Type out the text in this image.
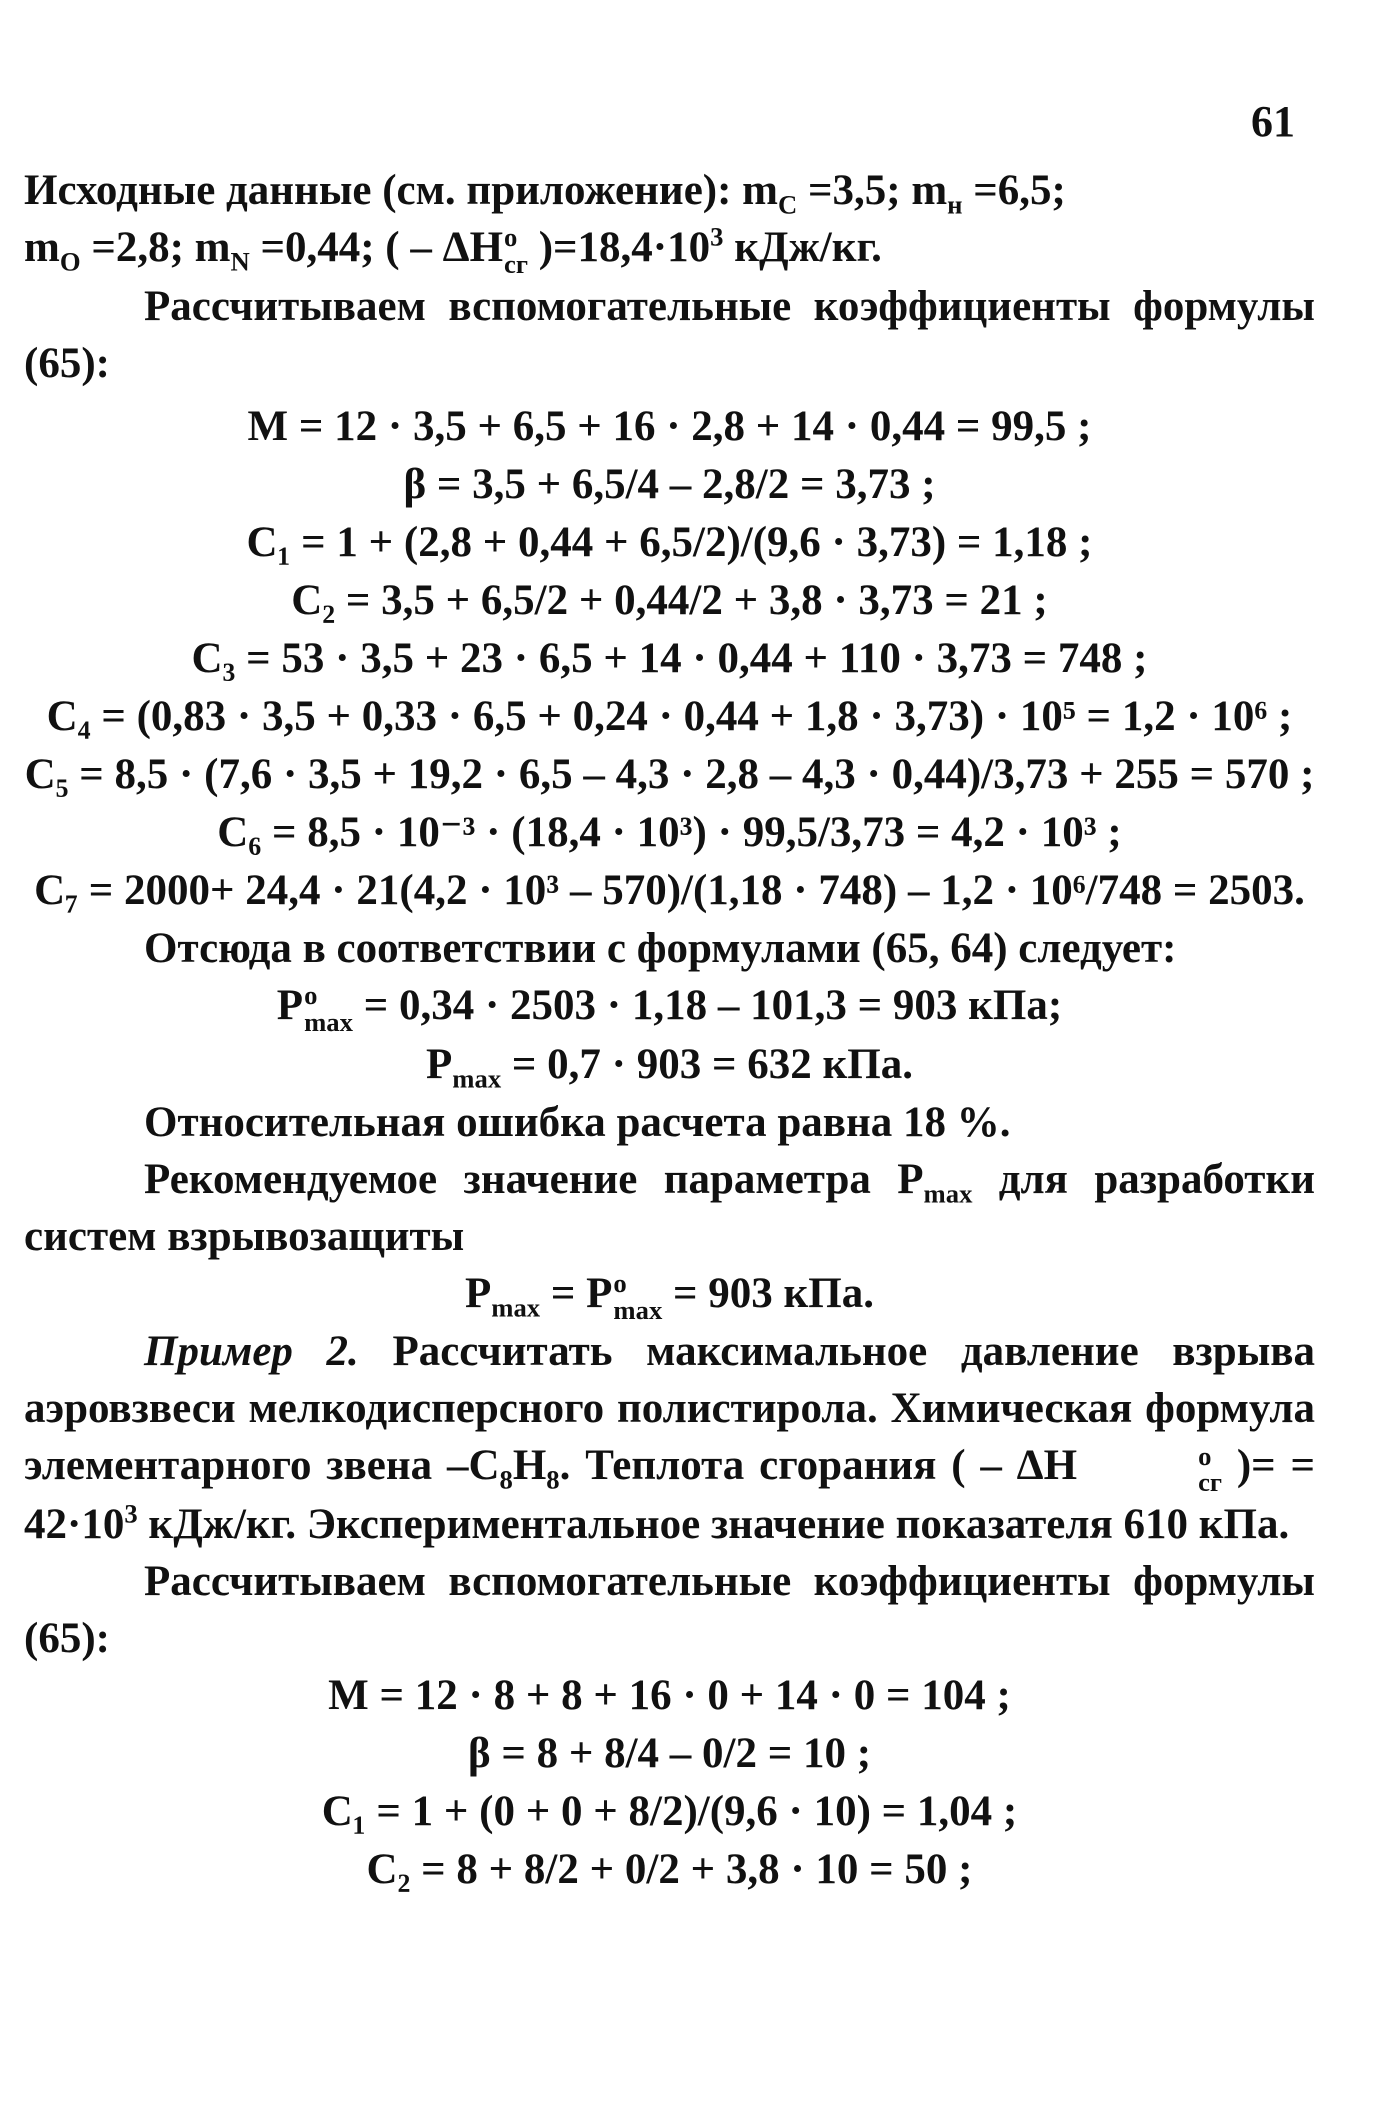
61

Исходные данные (см. приложение): $m_C =3,5$; $m_н =6,5$;
$m_O =2,8$; $m_N =0,44$; ( – ΔH o
сг )$=18,4\cdot 10^3$ кДж/кг.

Рассчитываем вспомогательные коэффициенты формулы (65):

M = 12 · 3,5 + 6,5 + 16 · 2,8 + 14 · 0,44 = 99,5 ;

β = 3,5 + 6,5/4 – 2,8/2 = 3,73 ;

C₁ = 1 + (2,8 + 0,44 + 6,5/2)/(9,6 · 3,73) = 1,18 ;

C₂ = 3,5 + 6,5/2 + 0,44/2 + 3,8 · 3,73 = 21 ;

C₃ = 53 · 3,5 + 23 · 6,5 + 14 · 0,44 + 110 · 3,73 = 748 ;

C₄ = (0,83 · 3,5 + 0,33 · 6,5 + 0,24 · 0,44 + 1,8 · 3,73) · 10⁵ = 1,2 · 10⁶ ;

C₅ = 8,5 · (7,6 · 3,5 + 19,2 · 6,5 – 4,3 · 2,8 – 4,3 · 0,44)/3,73 + 255 = 570 ;

C₆ = 8,5 · 10⁻³ · (18,4 · 10³) · 99,5/3,73 = 4,2 · 10³ ;

C₇ = 2000+ 24,4 · 21(4,2 · 10³ – 570)/(1,18 · 748) – 1,2 · 10⁶/748 = 2503.

Отсюда в соответствии с формулами (65, 64) следует:

P o
max = 0,34 · 2503 · 1,18 – 101,3 = 903 кПа;

$P_{max} = 0,7 \cdot 903 = 632$ кПа.

Относительная ошибка расчета равна 18 %.

Рекомендуемое значение параметра $P_{max}$ для разработки систем взрывозащиты

$P_{max} = P$ o
max = 903 кПа.

Пример 2. Рассчитать максимальное давление взрыва аэровзвеси мелкодисперсного полистирола. Химическая формула элементарного звена $-C_8H_8$. Теплота сгорания ( – ΔH	o
сг )= = $42\cdot 10^3$ кДж/кг. Экспериментальное значение показателя 610 кПа.

Рассчитываем вспомогательные коэффициенты формулы (65):

M = 12 · 8 + 8 + 16 · 0 + 14 · 0 = 104 ;

β = 8 + 8/4 – 0/2 = 10 ;

C₁ = 1 + (0 + 0 + 8/2)/(9,6 · 10) = 1,04 ;

C₂ = 8 + 8/2 + 0/2 + 3,8 · 10 = 50 ;
